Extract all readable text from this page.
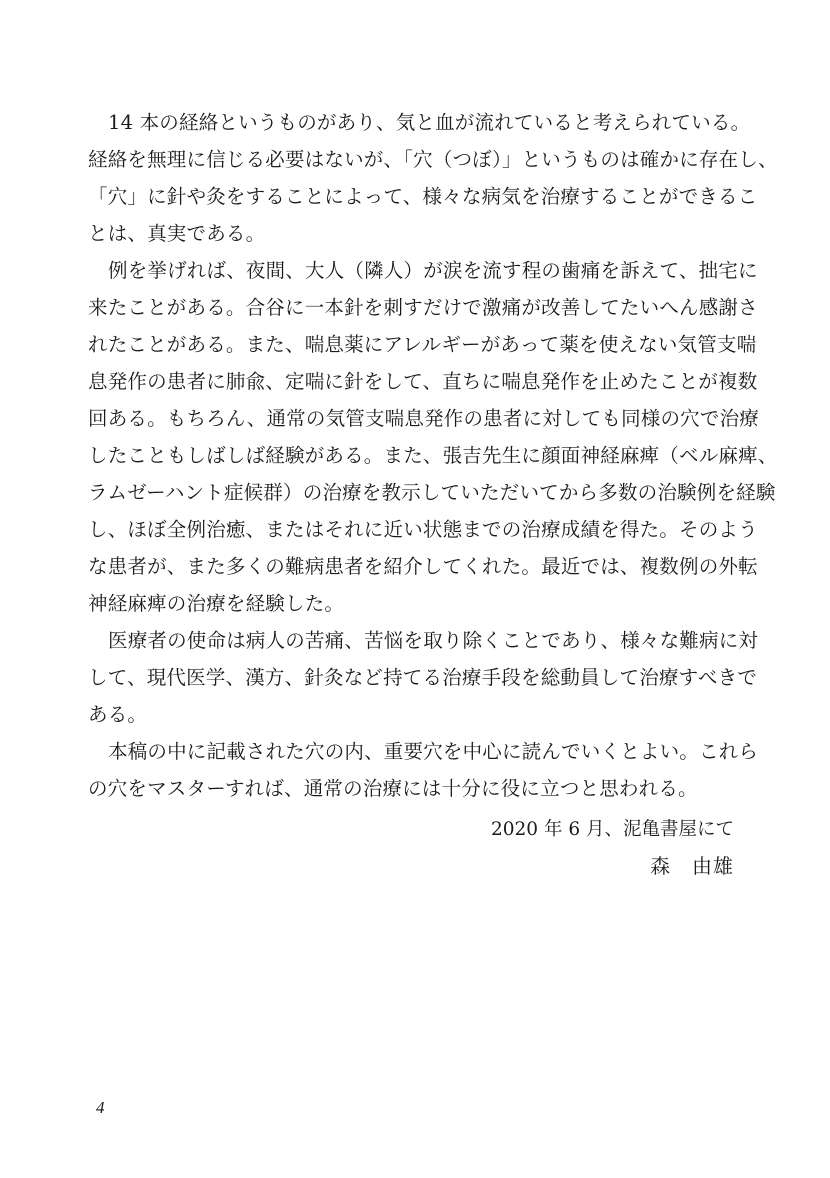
14 本の経絡というものがあり、気と血が流れていると考えられている。
経絡を無理に信じる必要はないが、「穴（つぼ）」というものは確かに存在し、
「穴」に針や灸をすることによって、様々な病気を治療することができるこ
とは、真実である。
例を挙げれば、夜間、大人（隣人）が涙を流す程の歯痛を訴えて、拙宅に
来たことがある。合谷に一本針を刺すだけで激痛が改善してたいへん感謝さ
れたことがある。また、喘息薬にアレルギーがあって薬を使えない気管支喘
息発作の患者に肺兪、定喘に針をして、直ちに喘息発作を止めたことが複数
回ある。もちろん、通常の気管支喘息発作の患者に対しても同様の穴で治療
したこともしばしば経験がある。また、張吉先生に顔面神経麻痺（ベル麻痺、
ラムゼーハント症候群）の治療を教示していただいてから多数の治験例を経験
し、ほぼ全例治癒、またはそれに近い状態までの治療成績を得た。そのよう
な患者が、また多くの難病患者を紹介してくれた。最近では、複数例の外転
神経麻痺の治療を経験した。
医療者の使命は病人の苦痛、苦悩を取り除くことであり、様々な難病に対
して、現代医学、漢方、針灸など持てる治療手段を総動員して治療すべきで
ある。
本稿の中に記載された穴の内、重要穴を中心に読んでいくとよい。これら
の穴をマスターすれば、通常の治療には十分に役に立つと思われる。
2020 年 6 月、泥亀書屋にて
森　由雄
4
